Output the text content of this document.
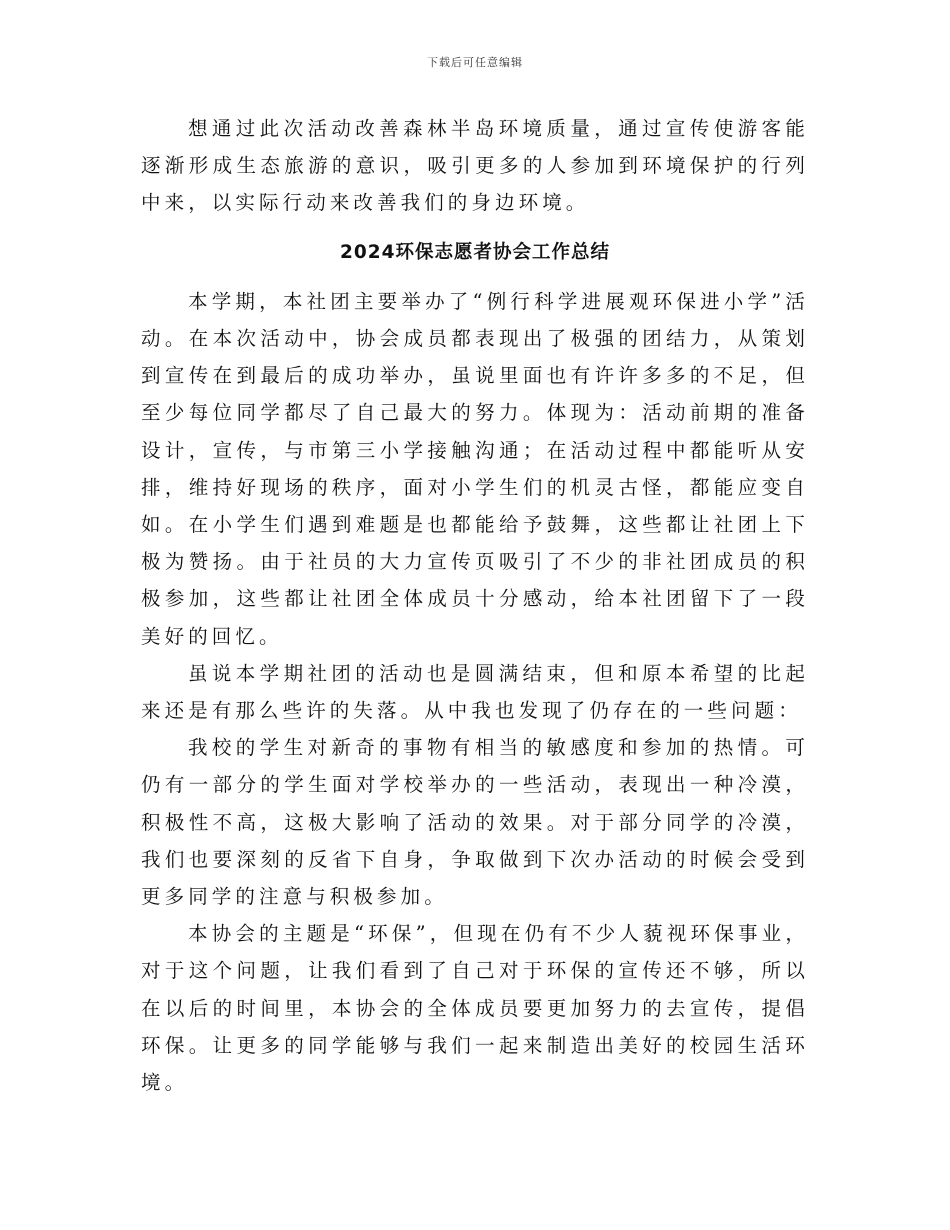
下载后可任意编辑

想通过此次活动改善森林半岛环境质量，通过宣传使游客能逐渐形成生态旅游的意识，吸引更多的人参加到环境保护的行列中来，以实际行动来改善我们的身边环境。

2024环保志愿者协会工作总结

本学期，本社团主要举办了“例行科学进展观环保进小学”活动。在本次活动中，协会成员都表现出了极强的团结力，从策划到宣传在到最后的成功举办，虽说里面也有许许多多的不足，但至少每位同学都尽了自己最大的努力。体现为：活动前期的准备设计，宣传，与市第三小学接触沟通；在活动过程中都能听从安排，维持好现场的秩序，面对小学生们的机灵古怪，都能应变自如。在小学生们遇到难题是也都能给予鼓舞，这些都让社团上下极为赞扬。由于社员的大力宣传页吸引了不少的非社团成员的积极参加，这些都让社团全体成员十分感动，给本社团留下了一段美好的回忆。

虽说本学期社团的活动也是圆满结束，但和原本希望的比起来还是有那么些许的失落。从中我也发现了仍存在的一些问题：

我校的学生对新奇的事物有相当的敏感度和参加的热情。可仍有一部分的学生面对学校举办的一些活动，表现出一种冷漠，积极性不高，这极大影响了活动的效果。对于部分同学的冷漠，我们也要深刻的反省下自身，争取做到下次办活动的时候会受到更多同学的注意与积极参加。

本协会的主题是“环保”，但现在仍有不少人藐视环保事业，对于这个问题，让我们看到了自己对于环保的宣传还不够，所以在以后的时间里，本协会的全体成员要更加努力的去宣传，提倡环保。让更多的同学能够与我们一起来制造出美好的校园生活环境。
